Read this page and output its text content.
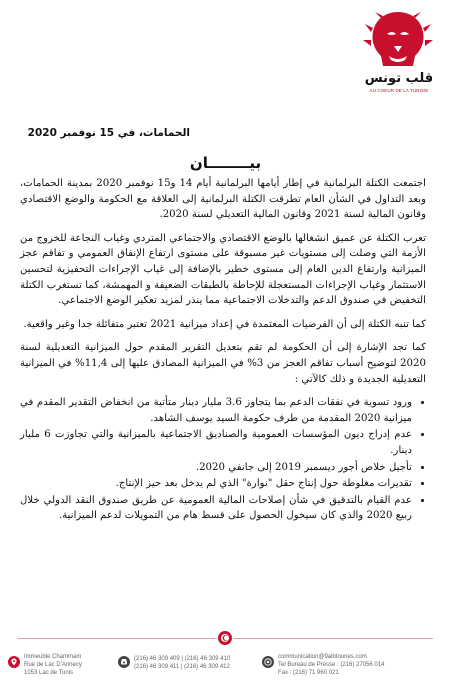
قلب تونس
AU COEUR DE LA TUNISIE
الحمامات، في 15 نوفمبر 2020
بيــــــــان

اجتمعت الكتلة البرلمانية في إطار أيامها البرلمانية أيام 14 و15 نوفمبر 2020 بمدينة الحمامات، وبعد التداول في الشأن العام تطرقت الكتلة البرلمانية إلى العلاقة مع الحكومة والوضع الاقتصادي وقانون المالية لسنة 2021 وقانون المالية التعديلي لسنة 2020.

تعرب الكتلة عن عميق انشغالها بالوضع الاقتصادي والاجتماعي المتردي وغياب النجاعة للخروج من الأزمة التي وصلت إلى مستويات غير مسبوقة على مستوى ارتفاع الإنفاق العمومي و تفاقم عجز الميزانية وارتفاع الدين العام إلى مستوى خطير بالإضافة إلى غياب الإجراءات التحفيزية لتحسين الاستثمار وغياب الإجراءات المستعجلة للإحاطة بالطبقات الضعيفة و المهمشة، كما تستغرب الكتلة التخفيض في صندوق الدعم والتدخلات الاجتماعية مما ينذر لمزيد تعكير الوضع الاجتماعي.

كما تنبه الكتلة إلى أن الفرضيات المعتمدة في إعداد ميزانية 2021 تعتبر متفائلة جدا وغير واقعية.

كما تجد الإشارة إلى أن الحكومة لم تقم بتعديل التقرير المقدم حول الميزانية التعديلية لسنة 2020 لتوضيح أسباب تفاقم العجز من 3% في الميزانية المصادق عليها إلى 11,4% في الميزانية التعديلية الجديدة و ذلك كالآتي :

• ورود تسوية في نفقات الدعم بما يتجاوز 3.6 مليار دينار متأتية من انخفاض التقدير المقدم في ميزانية 2020 المقدمة من طرف حكومة السيد يوسف الشاهد.
• عدم إدراج ديون المؤسسات العمومية والصناديق الاجتماعية بالميزانية والتي تجاوزت 6 مليار دينار.
• تأجيل خلاص أجور ديسمبر 2019 إلى جانفي 2020.
• تقديرات مغلوطة حول إنتاج حقل "نوارة" الذي لم يدخل بعد حيز الإنتاج.
• عدم القيام بالتدقيق في شأن إصلاحات المالية العمومية عن طريق صندوق النقد الدولي خلال ربيع 2020 والذي كان سيخول الحصول على قسط هام من التمويلات لدعم الميزانية.
Immeuble Chammam
Rue de Lac D'Annecy
1053 Lac de Tunis
(216) 46 309 409 | (216) 46 309 410
(216) 46 309 411 | (216) 46 309 412
communication@9albtounes.com
Tel Bureau de Presse : (216) 27056 014
Fax : (216) 71 960 021
